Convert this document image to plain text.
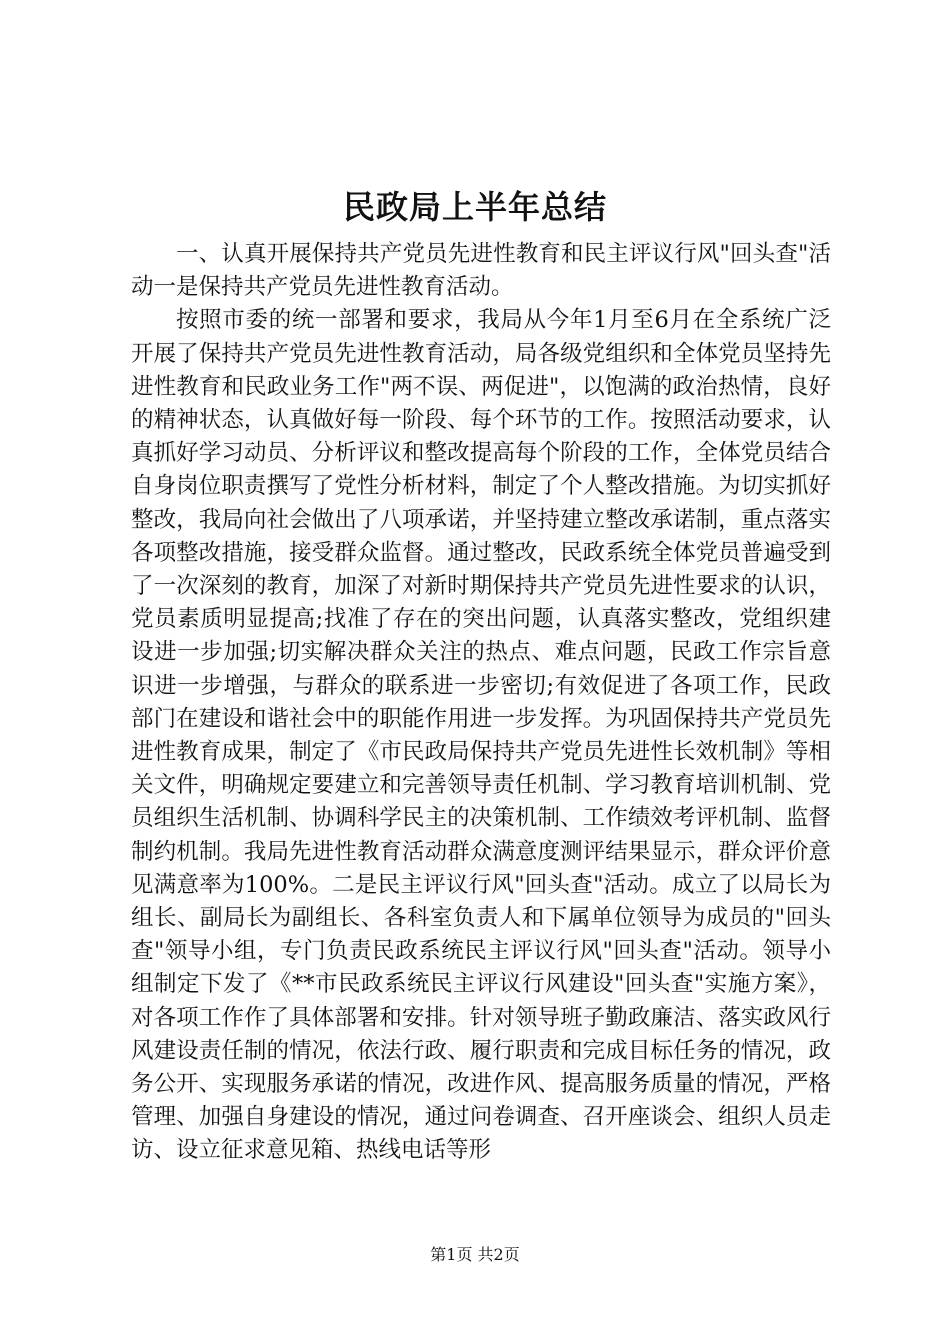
民政局上半年总结

一、认真开展保持共产党员先进性教育和民主评议行风"回头查"活动一是保持共产党员先进性教育活动。

按照市委的统一部署和要求，我局从今年1月至6月在全系统广泛开展了保持共产党员先进性教育活动，局各级党组织和全体党员坚持先进性教育和民政业务工作"两不误、两促进"，以饱满的政治热情，良好的精神状态，认真做好每一阶段、每个环节的工作。按照活动要求，认真抓好学习动员、分析评议和整改提高每个阶段的工作，全体党员结合自身岗位职责撰写了党性分析材料，制定了个人整改措施。为切实抓好整改，我局向社会做出了八项承诺，并坚持建立整改承诺制，重点落实各项整改措施，接受群众监督。通过整改，民政系统全体党员普遍受到了一次深刻的教育，加深了对新时期保持共产党员先进性要求的认识，党员素质明显提高;找准了存在的突出问题，认真落实整改，党组织建设进一步加强;切实解决群众关注的热点、难点问题，民政工作宗旨意识进一步增强，与群众的联系进一步密切;有效促进了各项工作，民政部门在建设和谐社会中的职能作用进一步发挥。为巩固保持共产党员先进性教育成果，制定了《市民政局保持共产党员先进性长效机制》等相关文件，明确规定要建立和完善领导责任机制、学习教育培训机制、党员组织生活机制、协调科学民主的决策机制、工作绩效考评机制、监督制约机制。我局先进性教育活动群众满意度测评结果显示，群众评价意见满意率为100%。二是民主评议行风"回头查"活动。成立了以局长为组长、副局长为副组长、各科室负责人和下属单位领导为成员的"回头查"领导小组，专门负责民政系统民主评议行风"回头查"活动。领导小组制定下发了《**市民政系统民主评议行风建设"回头查"实施方案》，对各项工作作了具体部署和安排。针对领导班子勤政廉洁、落实政风行风建设责任制的情况，依法行政、履行职责和完成目标任务的情况，政务公开、实现服务承诺的情况，改进作风、提高服务质量的情况，严格管理、加强自身建设的情况，通过问卷调查、召开座谈会、组织人员走访、设立征求意见箱、热线电话等形

第1页 共2页
